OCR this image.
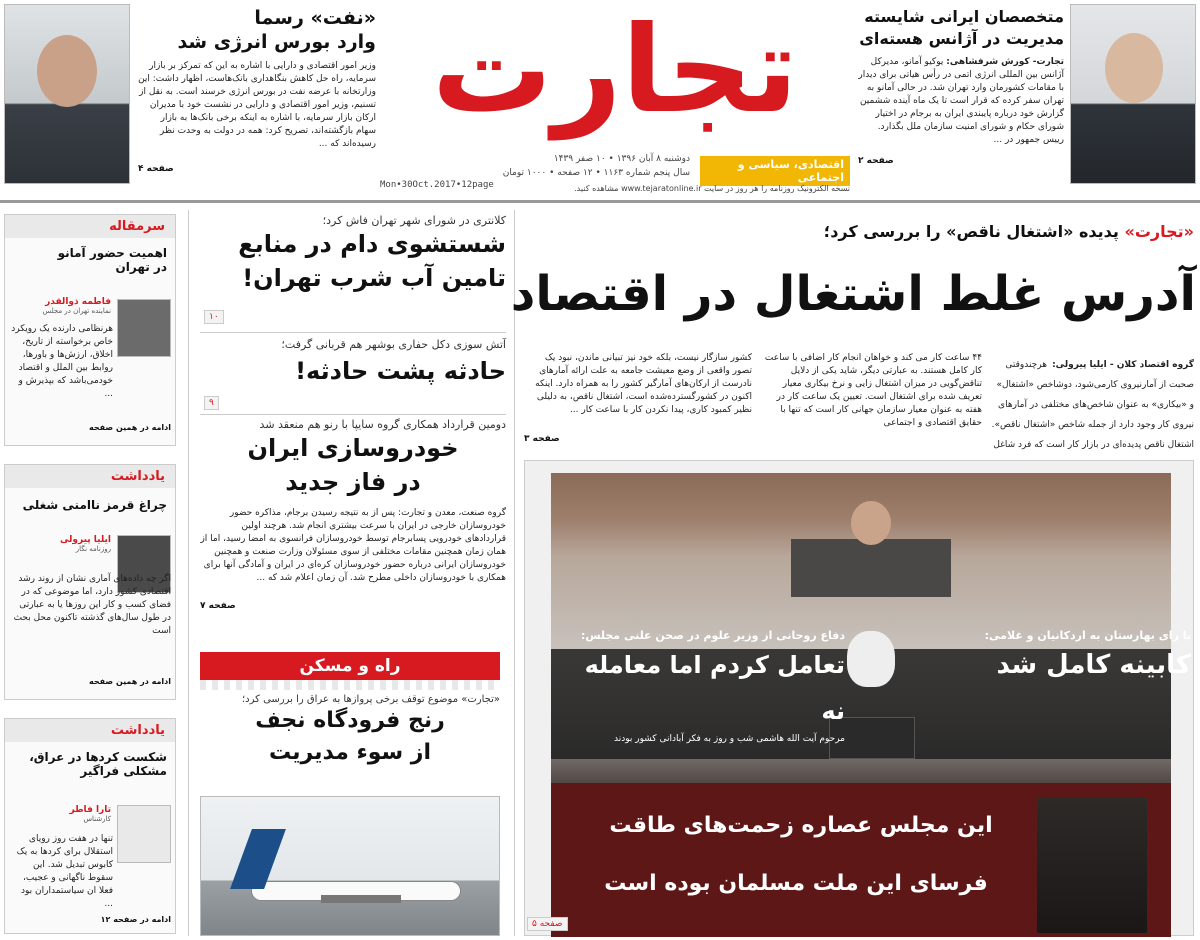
«نفت» رسما
وارد بورس انرژی شد
وزیر امور اقتصادی و دارایی با اشاره به این که تمرکز بر بازار سرمایه، راه حل کاهش بنگاهداری بانک‌هاست، اظهار داشت: این وزارتخانه با عرضه نفت در بورس انرژی خرسند است. به نقل از تسنیم، وزیر امور اقتصادی و دارایی در نشست خود با مدیران ارکان بازار سرمایه، با اشاره به اینکه برخی بانک‌ها به بازار سهام بازگشته‌اند، تصریح کرد: همه در دولت به وحدت نظر رسیده‌اند که ...
صفحه ۴
تجارت
اقتصادی، سیاسی و اجتماعی
دوشنبه ۸ آبان ۱۳۹۶ • ۱۰ صفر ۱۴۳۹
سال پنجم شماره ۱۱۶۳ • ۱۲ صفحه • ۱۰۰۰ تومان
Mon•30Oct.2017•12page	نسخه الکترونیک روزنامه را هر روز در سایت www.tejaratonline.ir مشاهده کنید.
متخصصان ایرانی شایسته
مدیریت در آژانس هسته‌ای
تجارت- کورش شرفشاهی: یوکیو آمانو، مدیرکل آژانس بین المللی انرژی اتمی در رأس هیاتی برای دیدار با مقامات کشورمان وارد تهران شد. در حالی آمانو به تهران سفر کرده که قرار است تا یک ماه آینده ششمین گزارش خود درباره پایبندی ایران به برجام در اختیار شورای حکام و شورای امنیت سازمان ملل بگذارد. رییس جمهور در ...
صفحه ۲
سرمقاله
اهمیت حضور آمانو
در تهران
فاطمه ذوالقدر
نماینده تهران در مجلس
هرنظامی دارنده یک رویکرد خاص برخواسته از تاریخ، اخلاق، ارزش‌ها و باورها، روابط بین الملل و اقتصاد خودمی‌باشد که بپذیرش و ...
ادامه در همین صفحه
یادداشت
چراغ قرمز ناامنی شغلی
ایلیا پیرولی
روزنامه نگار
اگر چه داده‌های آماری نشان از روند رشد اقتصادی کشور دارد، اما موضوعی که در فضای کسب و کار این روزها یا به عبارتی در طول سال‌های گذشته تاکنون محل بحث است
ادامه در همین صفحه
یادداشت
شکست کردها در عراق،
مشکلی فراگیر
تارا فاطر
کارشناس
تنها در هفت روز رویای استقلال برای کردها به یک کابوس تبدیل شد. این سقوط ناگهانی و عجیب، فعلا ان سیاستمداران بود ...
ادامه در صفحه ۱۲
کلانتری در شورای شهر تهران فاش کرد؛
شستشوی دام در منابع
تامین آب شرب تهران!
۱۰
آتش سوزی دکل حفاری بوشهر هم قربانی گرفت؛
حادثه پشت حادثه!
۹
دومین قرارداد همکاری گروه سایپا با رنو هم منعقد شد
خودروسازی ایران
در فاز جدید
گروه صنعت، معدن و تجارت: پس از به نتیجه رسیدن برجام، مذاکره حضور خودروسازان خارجی در ایران با سرعت بیشتری انجام شد. هرچند اولین قراردادهای خودرویی پسابرجام توسط خودروسازان فرانسوی به امضا رسید، اما از همان زمان همچنین مقامات مختلفی از سوی مسئولان وزارت صنعت و همچنین خودروسازان ایرانی درباره حضور خودروسازان کره‌ای در ایران و آمادگی آنها برای همکاری با خودروسازان داخلی مطرح شد. آن زمان اعلام شد که ...
صفحه ۷
راه و مسکن
«تجارت» موضوع توقف برخی پروازها به عراق را بررسی کرد؛
رنج فرودگاه نجف
از سوء مدیریت
«تجارت» پدیده «اشتغال ناقص» را بررسی کرد؛
آدرس غلط اشتغال در اقتصاد
گروه اقتصاد کلان - ایلیا پیرولی: هرچندوقتی صحبت از آمارنیروی کارمی‌شود، دوشاخص «اشتغال» و «بیکاری» به عنوان شاخص‌های مختلفی در آمارهای نیروی کار وجود دارد از جمله شاخص «اشتغال ناقص». اشتغال ناقص پدیده‌ای در بازار کار است که فرد شاغل
۴۴ ساعت کار می کند و خواهان انجام کار اضافی با ساعت کار کامل هستند. به عبارتی دیگر، شاید یکی از دلایل تناقض‌گویی در میزان اشتغال زایی و نرخ بیکاری معیار تعریف شده برای اشتغال است. تعیین یک ساعت کار در هفته به عنوان معیار سازمان جهانی کار است که تنها با حقایق اقتصادی و اجتماعی
کشور سازگار نیست، بلکه خود نیز تبیانی ماندن، نبود یک تصور واقعی از وضع معیشت جامعه به علت ارائه آمارهای نادرست از ارکان‌های آمارگیر کشور را به همراه دارد. اینکه اکنون در کشورگسترده‌شده است، اشتغال ناقص، به دلیلی نظیر کمبود کاری، پیدا نکردن کار با ساعت کار ...
صفحه ۳
این مجلس عصاره زحمت‌های طاقت
فرسای این ملت مسلمان بوده است
با رای بهارستان به اردکانیان و غلامی:
کابینه کامل شد
دفاع روحانی از وزیر علوم در صحن علنی مجلس:
تعامل کردم اما معامله نه
مرحوم آیت الله هاشمی شب و روز به فکر آبادانی کشور بودند
صفحه ۵
